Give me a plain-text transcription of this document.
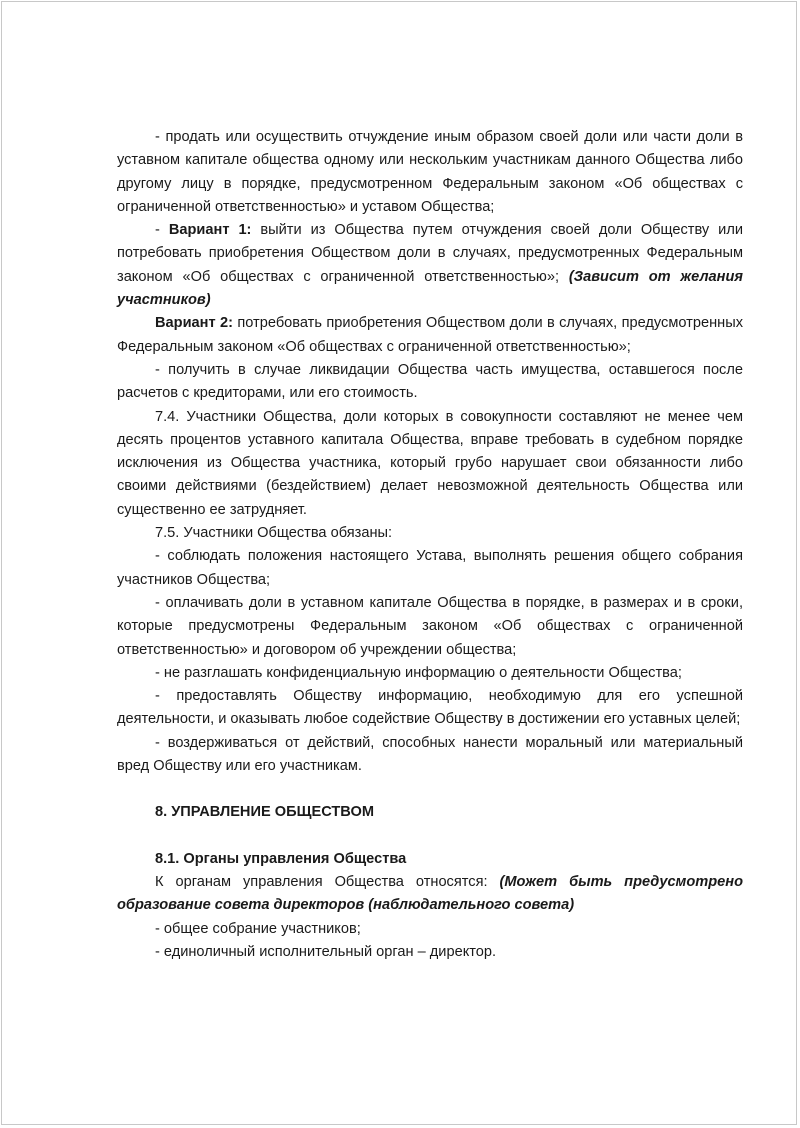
- продать или осуществить отчуждение иным образом своей доли или части доли в уставном капитале общества одному или нескольким участникам данного Общества либо другому лицу в порядке, предусмотренном Федеральным законом «Об обществах с ограниченной ответственностью» и уставом Общества;

- Вариант 1: выйти из Общества путем отчуждения своей доли Обществу или потребовать приобретения Обществом доли в случаях, предусмотренных Федеральным законом «Об обществах с ограниченной ответственностью»; (Зависит от желания участников)

Вариант 2: потребовать приобретения Обществом доли в случаях, предусмотренных Федеральным законом «Об обществах с ограниченной ответственностью»;

- получить в случае ликвидации Общества часть имущества, оставшегося после расчетов с кредиторами, или его стоимость.

7.4. Участники Общества, доли которых в совокупности составляют не менее чем десять процентов уставного капитала Общества, вправе требовать в судебном порядке исключения из Общества участника, который грубо нарушает свои обязанности либо своими действиями (бездействием) делает невозможной деятельность Общества или существенно ее затрудняет.

7.5. Участники Общества обязаны:

- соблюдать положения настоящего Устава, выполнять решения общего собрания участников Общества;

- оплачивать доли в уставном капитале Общества в порядке, в размерах и в сроки, которые предусмотрены Федеральным законом «Об обществах с ограниченной ответственностью» и договором об учреждении общества;

- не разглашать конфиденциальную информацию о деятельности Общества;

- предоставлять Обществу информацию, необходимую для его успешной деятельности, и оказывать любое содействие Обществу в достижении его уставных целей;

- воздерживаться от действий, способных нанести моральный или материальный вред Обществу или его участникам.

8. УПРАВЛЕНИЕ ОБЩЕСТВОМ

8.1. Органы управления Общества

К органам управления Общества относятся: (Может быть предусмотрено образование совета директоров (наблюдательного совета)

- общее собрание участников;

- единоличный исполнительный орган – директор.
